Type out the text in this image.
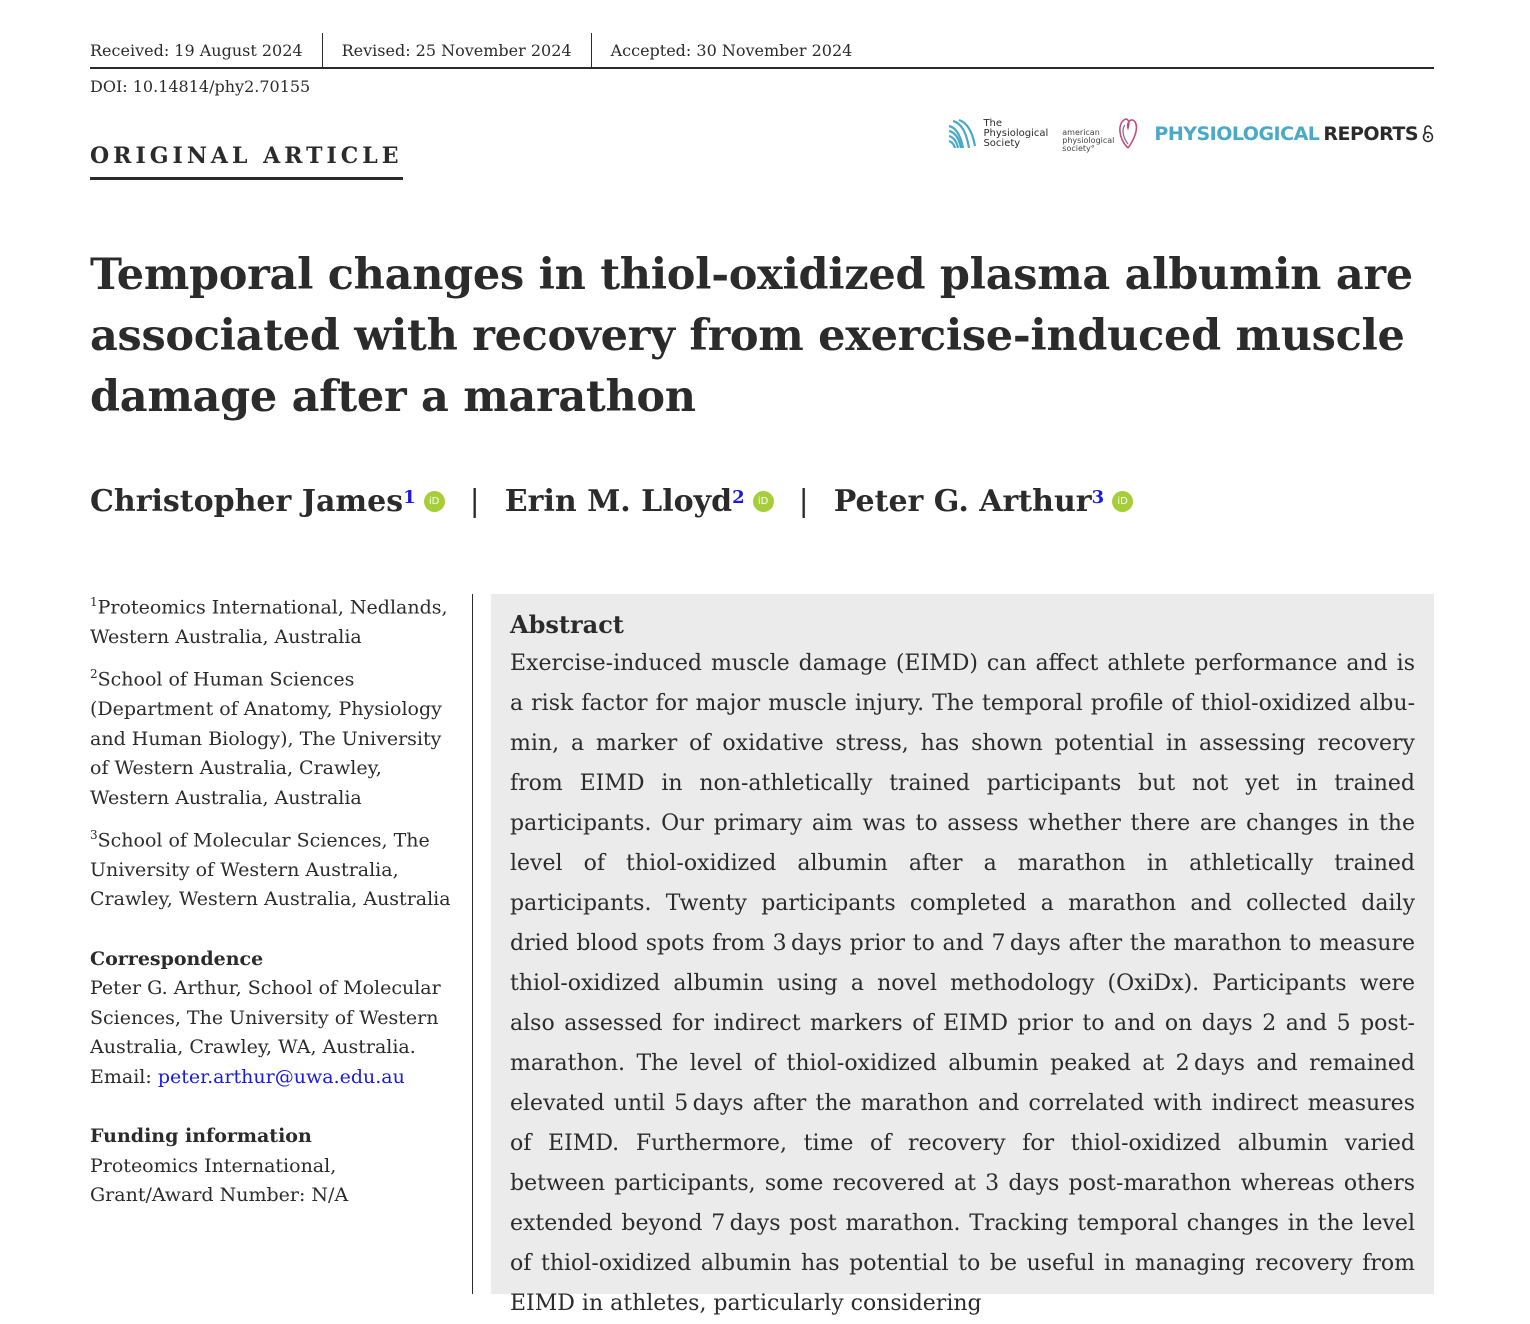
Received: 19 August 2024 Revised: 25 November 2024 Accepted: 30 November 2024
DOI: 10.14814/phy2.70155
ORIGINAL ARTICLE
The
Physiological
Society
american
physiological
society°
PHYSIOLOGICAL REPORTS
Temporal changes in thiol-oxidized plasma albumin are associated with recovery from exercise-induced muscle damage after a marathon
Christopher James$^1$	iD | Erin M. Lloyd$^2$	iD | Peter G. Arthur$^3$	iD

$^1$Proteomics International, Nedlands, Western Australia, Australia

$^2$School of Human Sciences (Department of Anatomy, Physiology and Human Biology), The University of Western Australia, Crawley, Western Australia, Australia

$^3$School of Molecular Sciences, The University of Western Australia, Crawley, Western Australia, Australia

Correspondence
Peter G. Arthur, School of Molecular Sciences, The University of Western Australia, Crawley, WA, Australia.
Email: peter.arthur@uwa.edu.au
Funding information
Proteomics International, Grant/Award Number: N/A
Abstract
Exercise-induced muscle damage (EIMD) can affect athlete performance and is a risk factor for major muscle injury. The temporal profile of thiol-oxidized albumin, a marker of oxidative stress, has shown potential in assessing recovery from EIMD in non-athletically trained participants but not yet in trained participants. Our primary aim was to assess whether there are changes in the level of thiol-oxidized albumin after a marathon in athletically trained participants. Twenty participants completed a marathon and collected daily dried blood spots from 3 days prior to and 7 days after the marathon to measure thiol-oxidized albumin using a novel methodology (OxiDx). Participants were also assessed for indirect markers of EIMD prior to and on days 2 and 5 post-marathon. The level of thiol-oxidized albumin peaked at 2 days and remained elevated until 5 days after the marathon and correlated with indirect measures of EIMD. Furthermore, time of recovery for thiol-oxidized albumin varied between participants, some recovered at 3 days post-marathon whereas others extended beyond 7 days post marathon. Tracking temporal changes in the level of thiol-oxidized albumin has potential to be useful in managing recovery from EIMD in athletes, particularly considering
